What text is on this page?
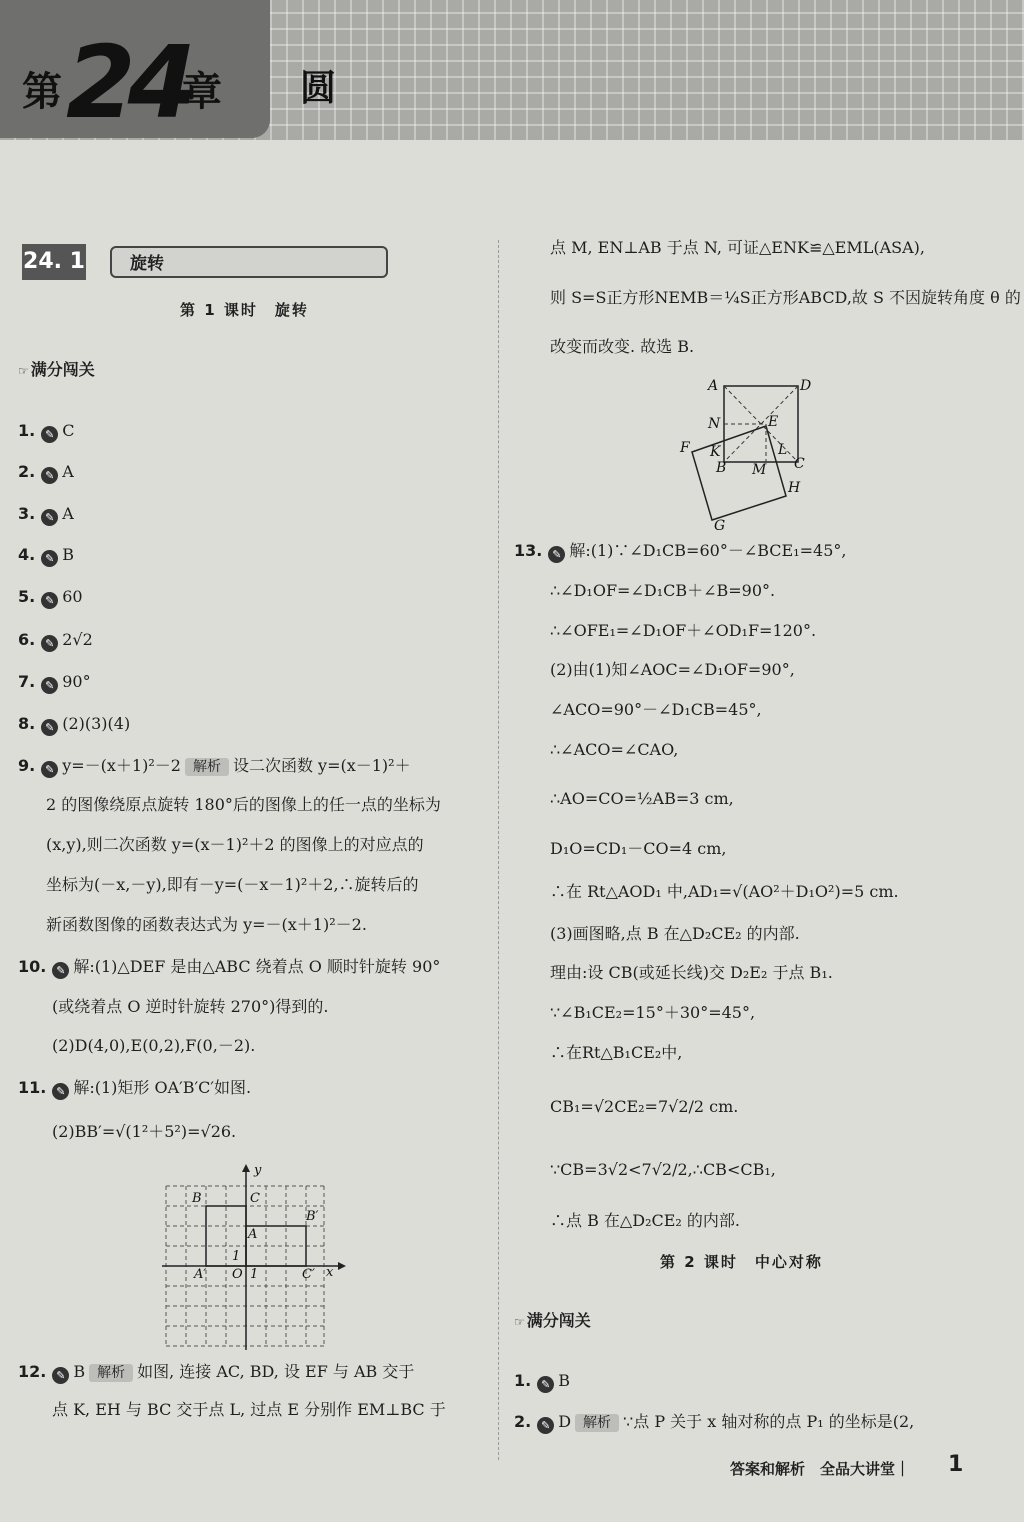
第 24
章 圆
24. 1	旋转
第 1 课时　旋转
☞ 满分闯关
1. ✎ C
2. ✎ A
3. ✎ A
4. ✎ B
5. ✎ 60
6. ✎ 2√2
7. ✎ 90°
8. ✎ (2)(3)(4)
9. ✎ y=－(x＋1)²－2 解析 设二次函数 y=(x－1)²＋
2 的图像绕原点旋转 180°后的图像上的任一点的坐标为
(x,y),则二次函数 y=(x－1)²＋2 的图像上的对应点的
坐标为(－x,－y),即有－y=(－x－1)²＋2,∴旋转后的
新函数图像的函数表达式为 y=－(x＋1)²－2.
10. ✎ 解:(1)△DEF 是由△ABC 绕着点 O 顺时针旋转 90°
(或绕着点 O 逆时针旋转 270°)得到的.
(2)D(4,0),E(0,2),F(0,－2).
11. ✎ 解:(1)矩形 OA′B′C′如图.
(2)BB′=√(1²＋5²)=√26.
y
x
B	C
B′
A
A′ O 1
1
C′
12. ✎ B 解析 如图, 连接 AC, BD, 设 EF 与 AB 交于
点 K, EH 与 BC 交于点 L, 过点 E 分别作 EM⊥BC 于
点 M, EN⊥AB 于点 N, 可证△ENK≌△EML(ASA),
则 S=S正方形NEMB＝¼S正方形ABCD,故 S 不因旋转角度 θ 的
改变而改变. 故选 B.
A	D
N	E
F K
B M C
L
H
G
13. ✎ 解:(1)∵∠D₁CB=60°－∠BCE₁=45°,
∴∠D₁OF=∠D₁CB＋∠B=90°.
∴∠OFE₁=∠D₁OF＋∠OD₁F=120°.
(2)由(1)知∠AOC=∠D₁OF=90°,
∠ACO=90°－∠D₁CB=45°,
∴∠ACO=∠CAO,
∴AO=CO=½AB=3 cm,
D₁O=CD₁－CO=4 cm,
∴在 Rt△AOD₁ 中,AD₁=√(AO²＋D₁O²)=5 cm.
(3)画图略,点 B 在△D₂CE₂ 的内部.
理由:设 CB(或延长线)交 D₂E₂ 于点 B₁.
∵∠B₁CE₂=15°＋30°=45°,
∴在Rt△B₁CE₂中,
CB₁=√2CE₂=7√2/2 cm.
∵CB=3√2<7√2/2,∴CB<CB₁,
∴点 B 在△D₂CE₂ 的内部.
第 2 课时　中心对称
☞ 满分闯关
1. ✎ B
2. ✎ D 解析 ∵点 P 关于 x 轴对称的点 P₁ 的坐标是(2,
答案和解析　全品大讲堂｜ 1
